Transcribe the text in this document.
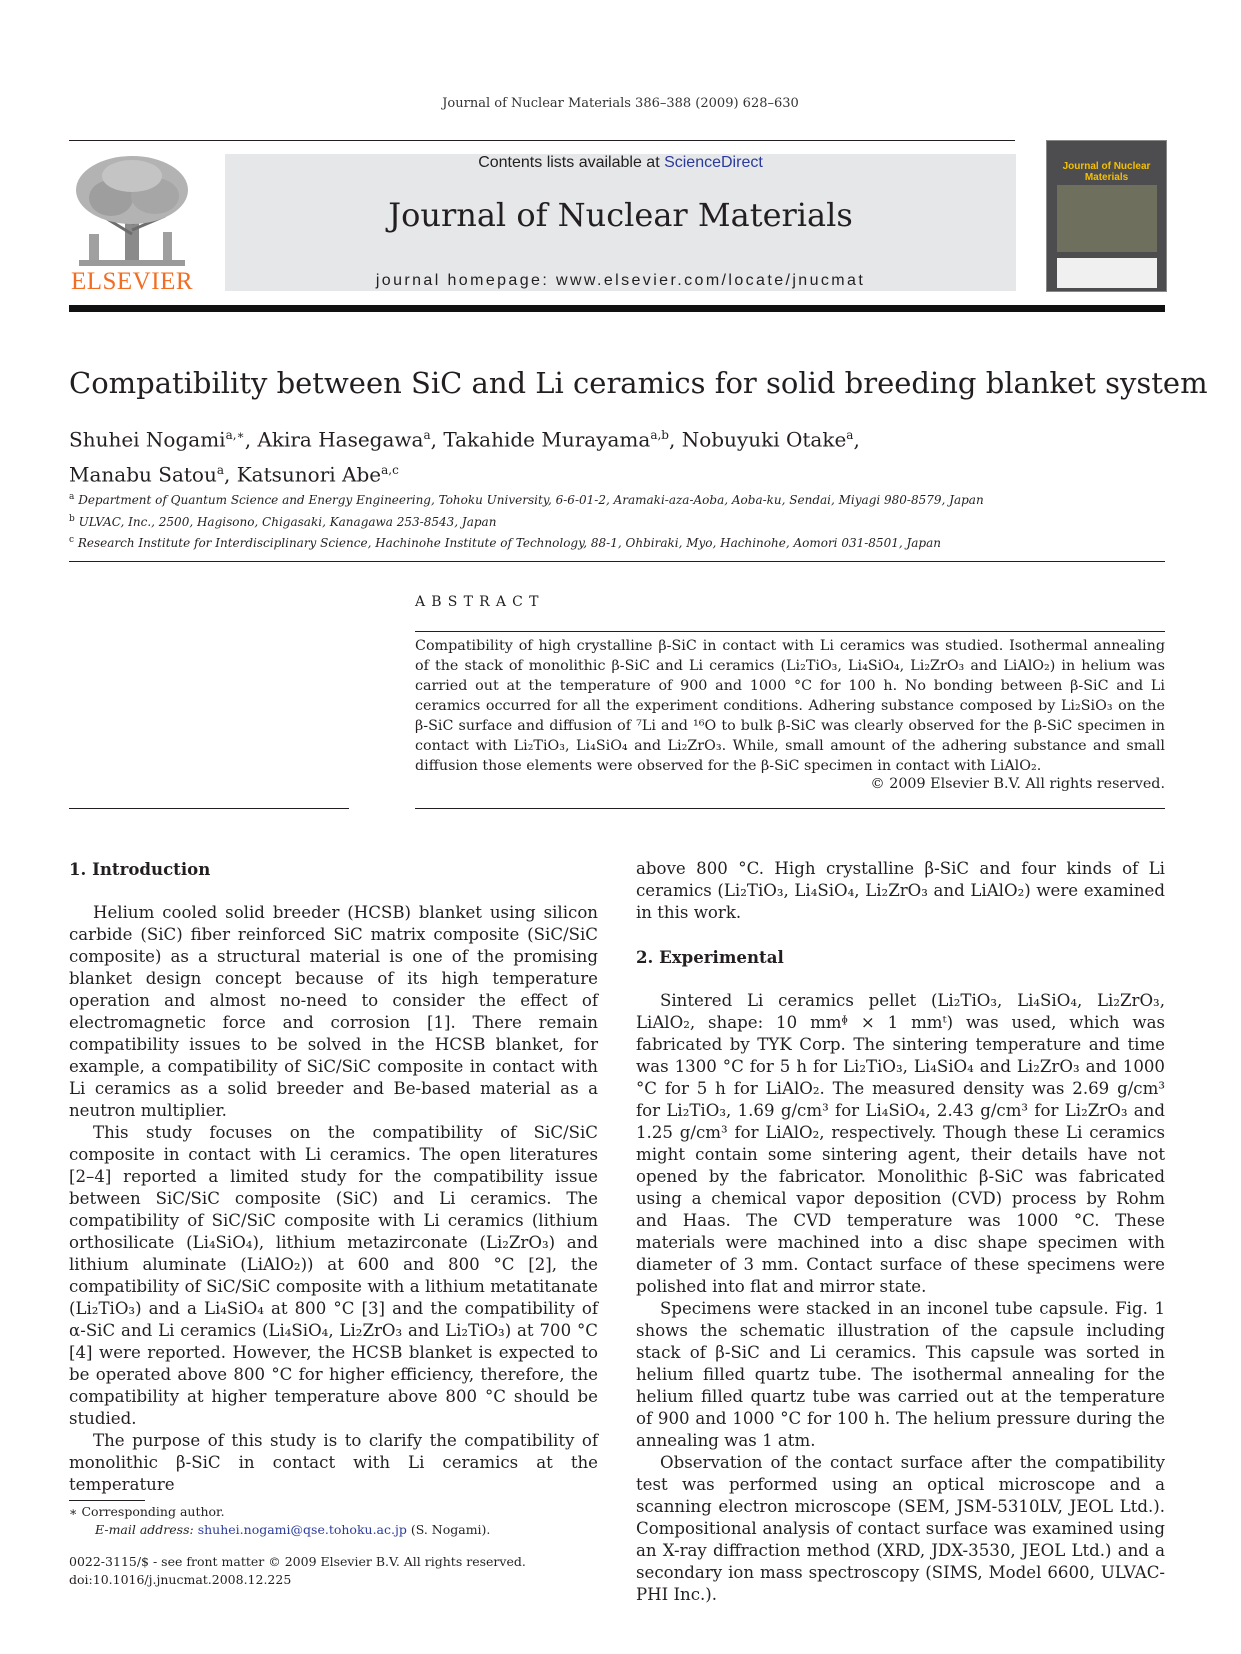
Journal of Nuclear Materials 386–388 (2009) 628–630
ELSEVIER
Contents lists available at ScienceDirect
Journal of Nuclear Materials
journal homepage: www.elsevier.com/locate/jnucmat
Journal of Nuclear Materials
Compatibility between SiC and Li ceramics for solid breeding blanket system
Shuhei Nogami$^{a,∗}$, Akira Hasegawa$^a$, Takahide Murayama$^{a,b}$, Nobuyuki Otake$^a$,
Manabu Satou$^a$, Katsunori Abe$^{a,c}$
$^a$ Department of Quantum Science and Energy Engineering, Tohoku University, 6-6-01-2, Aramaki-aza-Aoba, Aoba-ku, Sendai, Miyagi 980-8579, Japan
$^b$ ULVAC, Inc., 2500, Hagisono, Chigasaki, Kanagawa 253-8543, Japan
$^c$ Research Institute for Interdisciplinary Science, Hachinohe Institute of Technology, 88-1, Ohbiraki, Myo, Hachinohe, Aomori 031-8501, Japan
ABSTRACT
Compatibility of high crystalline β-SiC in contact with Li ceramics was studied. Isothermal annealing of the stack of monolithic β-SiC and Li ceramics (Li₂TiO₃, Li₄SiO₄, Li₂ZrO₃ and LiAlO₂) in helium was carried out at the temperature of 900 and 1000 °C for 100 h. No bonding between β-SiC and Li ceramics occurred for all the experiment conditions. Adhering substance composed by Li₂SiO₃ on the β-SiC surface and diffusion of ⁷Li and ¹⁶O to bulk β-SiC was clearly observed for the β-SiC specimen in contact with Li₂TiO₃, Li₄SiO₄ and Li₂ZrO₃. While, small amount of the adhering substance and small diffusion those elements were observed for the β-SiC specimen in contact with LiAlO₂.
© 2009 Elsevier B.V. All rights reserved.
1. Introduction

Helium cooled solid breeder (HCSB) blanket using silicon carbide (SiC) fiber reinforced SiC matrix composite (SiC/SiC composite) as a structural material is one of the promising blanket design concept because of its high temperature operation and almost no-need to consider the effect of electromagnetic force and corrosion [1]. There remain compatibility issues to be solved in the HCSB blanket, for example, a compatibility of SiC/SiC composite in contact with Li ceramics as a solid breeder and Be-based material as a neutron multiplier.

This study focuses on the compatibility of SiC/SiC composite in contact with Li ceramics. The open literatures [2–4] reported a limited study for the compatibility issue between SiC/SiC composite (SiC) and Li ceramics. The compatibility of SiC/SiC composite with Li ceramics (lithium orthosilicate (Li₄SiO₄), lithium metazirconate (Li₂ZrO₃) and lithium aluminate (LiAlO₂)) at 600 and 800 °C [2], the compatibility of SiC/SiC composite with a lithium metatitanate (Li₂TiO₃) and a Li₄SiO₄ at 800 °C [3] and the compatibility of α-SiC and Li ceramics (Li₄SiO₄, Li₂ZrO₃ and Li₂TiO₃) at 700 °C [4] were reported. However, the HCSB blanket is expected to be operated above 800 °C for higher efficiency, therefore, the compatibility at higher temperature above 800 °C should be studied.

The purpose of this study is to clarify the compatibility of monolithic β-SiC in contact with Li ceramics at the temperature

above 800 °C. High crystalline β-SiC and four kinds of Li ceramics (Li₂TiO₃, Li₄SiO₄, Li₂ZrO₃ and LiAlO₂) were examined in this work.

2. Experimental

Sintered Li ceramics pellet (Li₂TiO₃, Li₄SiO₄, Li₂ZrO₃, LiAlO₂, shape: 10 mmᶲ × 1 mmᵗ) was used, which was fabricated by TYK Corp. The sintering temperature and time was 1300 °C for 5 h for Li₂TiO₃, Li₄SiO₄ and Li₂ZrO₃ and 1000 °C for 5 h for LiAlO₂. The measured density was 2.69 g/cm³ for Li₂TiO₃, 1.69 g/cm³ for Li₄SiO₄, 2.43 g/cm³ for Li₂ZrO₃ and 1.25 g/cm³ for LiAlO₂, respectively. Though these Li ceramics might contain some sintering agent, their details have not opened by the fabricator. Monolithic β-SiC was fabricated using a chemical vapor deposition (CVD) process by Rohm and Haas. The CVD temperature was 1000 °C. These materials were machined into a disc shape specimen with diameter of 3 mm. Contact surface of these specimens were polished into flat and mirror state.

Specimens were stacked in an inconel tube capsule. Fig. 1 shows the schematic illustration of the capsule including stack of β-SiC and Li ceramics. This capsule was sorted in helium filled quartz tube. The isothermal annealing for the helium filled quartz tube was carried out at the temperature of 900 and 1000 °C for 100 h. The helium pressure during the annealing was 1 atm.

Observation of the contact surface after the compatibility test was performed using an optical microscope and a scanning electron microscope (SEM, JSM-5310LV, JEOL Ltd.). Compositional analysis of contact surface was examined using an X-ray diffraction method (XRD, JDX-3530, JEOL Ltd.) and a secondary ion mass spectroscopy (SIMS, Model 6600, ULVAC-PHI Inc.).

∗ Corresponding author.
E-mail address: shuhei.nogami@qse.tohoku.ac.jp (S. Nogami).
0022-3115/$ - see front matter © 2009 Elsevier B.V. All rights reserved.
doi:10.1016/j.jnucmat.2008.12.225
